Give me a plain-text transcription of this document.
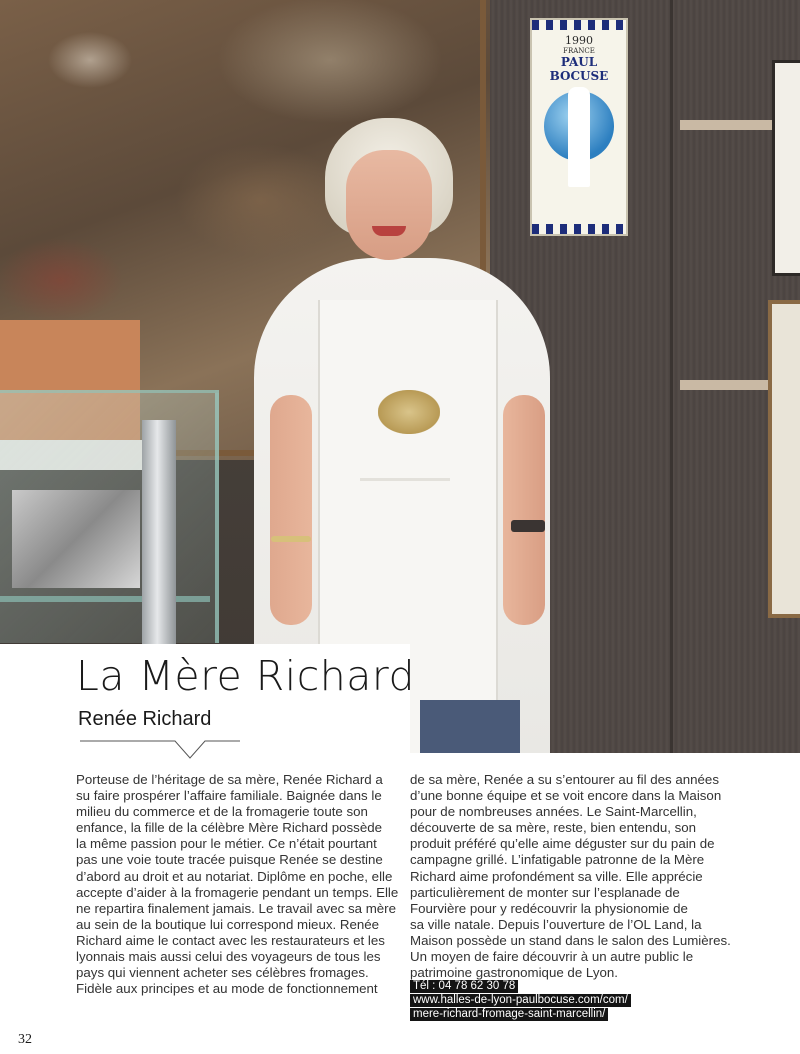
1990
FRANCE
PAUL BOCUSE
La Mère Richard

Renée Richard

Porteuse de l’héritage de sa mère, Renée Richard a
su faire prospérer l’affaire familiale. Baignée dans le
milieu du commerce et de la fromagerie toute son
enfance, la fille de la célèbre Mère Richard possède
la même passion pour le métier. Ce n’était pourtant
pas une voie toute tracée puisque Renée se destine
d’abord au droit et au notariat. Diplôme en poche, elle
accepte d’aider à la fromagerie pendant un temps. Elle
ne repartira finalement jamais. Le travail avec sa mère
au sein de la boutique lui correspond mieux. Renée
Richard aime le contact avec les restaurateurs et les
lyonnais mais aussi celui des voyageurs de tous les
pays qui viennent acheter ses célèbres fromages.
Fidèle aux principes et au mode de fonctionnement
de sa mère, Renée a su s’entourer au fil des années
d’une bonne équipe et se voit encore dans la Maison
pour de nombreuses années. Le Saint-Marcellin,
découverte de sa mère, reste, bien entendu, son
produit préféré qu’elle aime déguster sur du pain de
campagne grillé. L’infatigable patronne de la Mère
Richard aime profondément sa ville. Elle apprécie
particulièrement de monter sur l’esplanade de
Fourvière pour y redécouvrir la physionomie de
sa ville natale. Depuis l’ouverture de l’OL Land, la
Maison possède un stand dans le salon des Lumières.
Un moyen de faire découvrir à un autre public le
patrimoine gastronomique de Lyon.
Tél : 04 78 62 30 78
www.halles-de-lyon-paulbocuse.com/com/
mere-richard-fromage-saint-marcellin/
32
